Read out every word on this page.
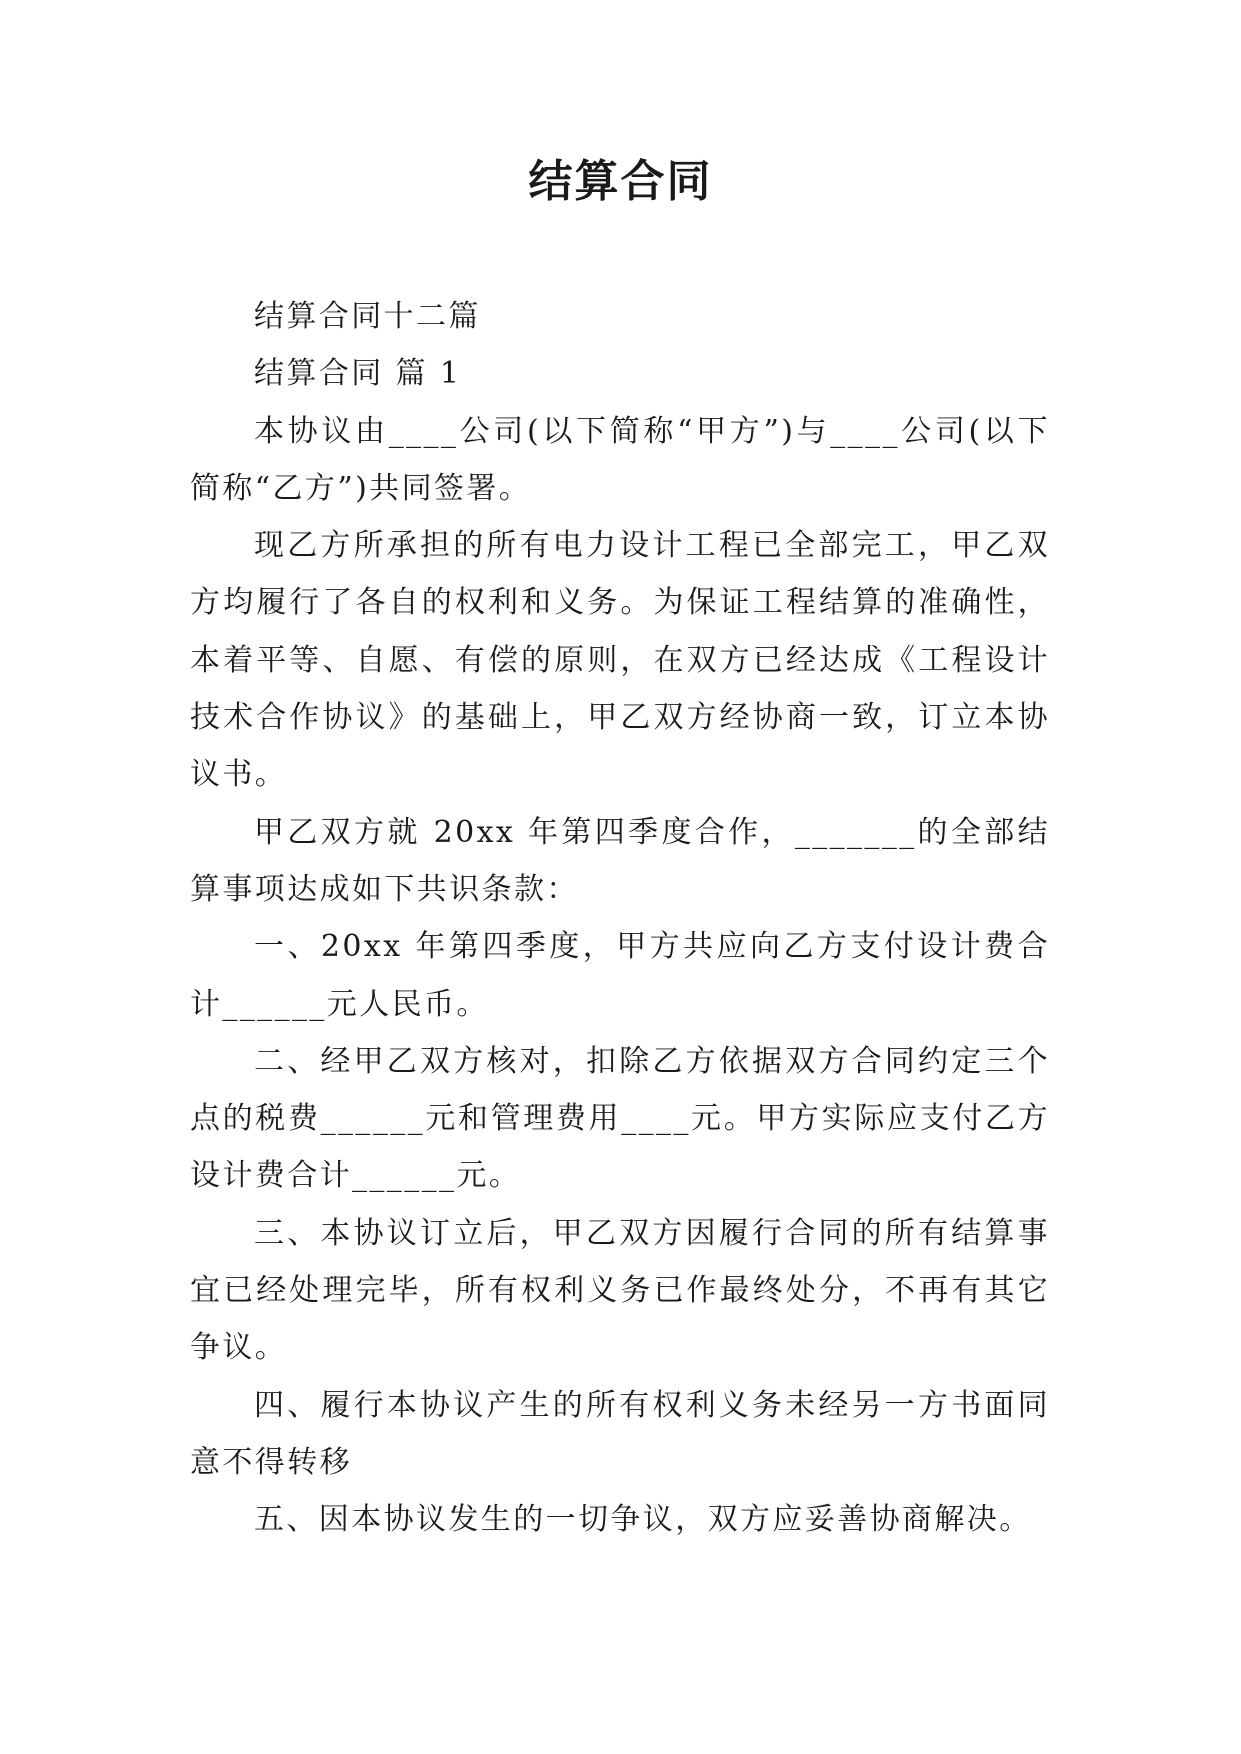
结算合同

结算合同十二篇

结算合同 篇 1

本协议由____公司(以下简称“甲方”)与____公司(以下简称“乙方”)共同签署。

现乙方所承担的所有电力设计工程已全部完工，甲乙双方均履行了各自的权利和义务。为保证工程结算的准确性，本着平等、自愿、有偿的原则，在双方已经达成《工程设计技术合作协议》的基础上，甲乙双方经协商一致，订立本协议书。

甲乙双方就 20xx 年第四季度合作，_______的全部结算事项达成如下共识条款：

一、20xx 年第四季度，甲方共应向乙方支付设计费合计______元人民币。

二、经甲乙双方核对，扣除乙方依据双方合同约定三个点的税费______元和管理费用____元。甲方实际应支付乙方设计费合计______元。

三、本协议订立后，甲乙双方因履行合同的所有结算事宜已经处理完毕，所有权利义务已作最终处分，不再有其它争议。

四、履行本协议产生的所有权利义务未经另一方书面同意不得转移

五、因本协议发生的一切争议，双方应妥善协商解决。
